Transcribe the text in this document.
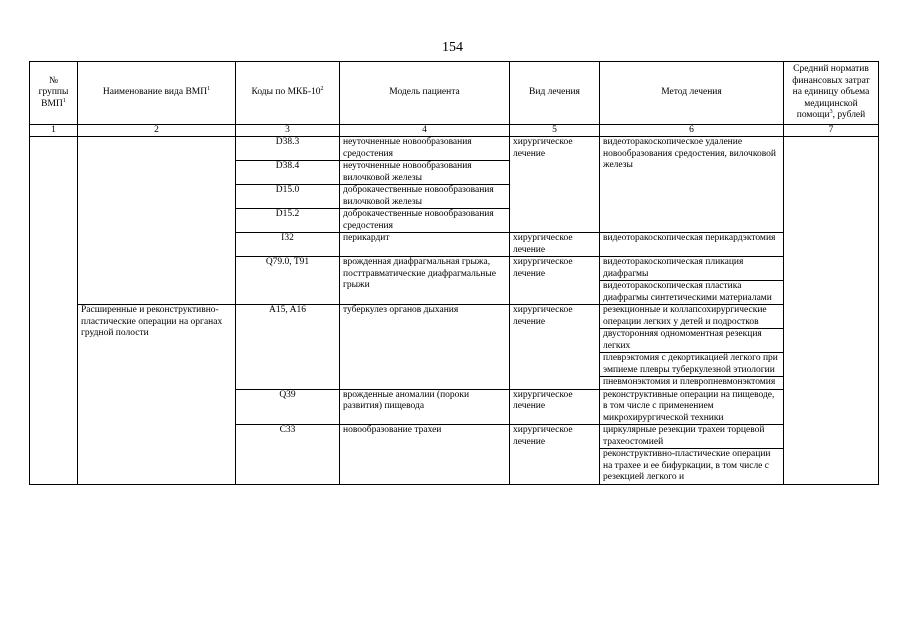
154
№
группы
ВМП$^1$	Наименование вида ВМП$^1$	Коды по МКБ-$10^2$	Модель пациента	Вид лечения	Метод лечения	Средний норматив финансовых затрат на единицу объема медицинской помощи$^3$, рублей
1	2	3	4	5	6	7
		D38.3	неуточненные новообразования средостения	хирургическое лечение	видеоторакоскопическое удаление новообразования средостения, вилочковой железы	
		D38.4	неуточненные новообразования вилочковой железы			
		D15.0	доброкачественные новообразования вилочковой железы			
		D15.2	доброкачественные новообразования средостения			
		I32	перикардит	хирургическое лечение	видеоторакоскопическая перикардэктомия	
		Q79.0, T91	врожденная диафрагмальная грыжа, посттравматические диафрагмальные грыжи	хирургическое лечение	видеоторакоскопическая пликация диафрагмы	
					видеоторакоскопическая пластика диафрагмы синтетическими материалами	
	Расширенные и реконструктивно-пластические операции на органах грудной полости	A15, A16	туберкулез органов дыхания	хирургическое лечение	резекционные и коллапсохирургические операции легких у детей и подростков	
					двусторонняя одномоментная резекция легких	
					плеврэктомия с декортикацией легкого при эмпиеме плевры туберкулезной этиологии	
					пневмонэктомия и плевропневмонэктомия	
		Q39	врожденные аномалии (пороки развития) пищевода	хирургическое лечение	реконструктивные операции на пищеводе, в том числе с применением микрохирургической техники	
		C33	новообразование трахеи	хирургическое лечение	циркулярные резекции трахеи торцевой трахеостомией	
					реконструктивно-пластические операции на трахее и ее бифуркации, в том числе с резекцией легкого и	
